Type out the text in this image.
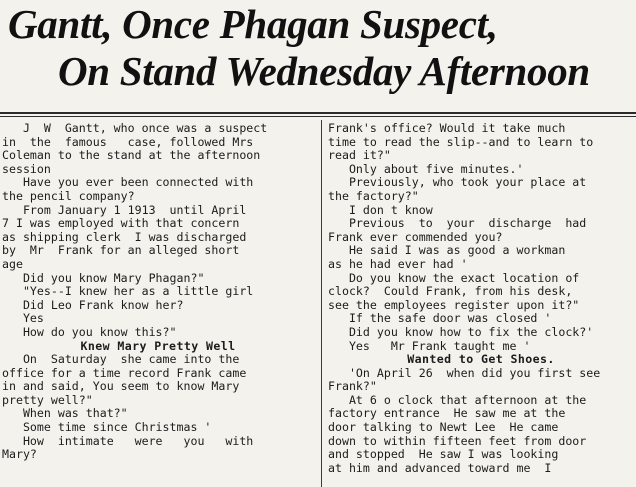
Gantt, Once Phagan Suspect,
On Stand Wednesday Afternoon
J  W  Gantt, who once was a suspect
in  the  famous   case, followed Mrs
Coleman to the stand at the afternoon
session
Have you ever been connected with
the pencil company?
From January 1 1913  until April
7 I was employed with that concern
as shipping clerk  I was discharged
by  Mr  Frank for an alleged short
age
Did you know Mary Phagan?"
"Yes--I knew her as a little girl
Did Leo Frank know her?
Yes
How do you know this?"
Knew Mary Pretty Well
On  Saturday  she came into the
office for a time record Frank came
in and said, You seem to know Mary
pretty well?"
When was that?"
Some time since Christmas '
How  intimate   were   you   with
Mary?
Frank's office? Would it take much
time to read the slip--and to learn to
read it?"
Only about five minutes.'
Previously, who took your place at
the factory?"
I don t know
Previous  to  your  discharge  had
Frank ever commended you?
He said I was as good a workman
as he had ever had '
Do you know the exact location of
clock?  Could Frank, from his desk,
see the employees register upon it?"
If the safe door was closed '
Did you know how to fix the clock?'
Yes   Mr Frank taught me '
Wanted to Get Shoes.
'On April 26  when did you first see
Frank?"
At 6 o clock that afternoon at the
factory entrance  He saw me at the
door talking to Newt Lee  He came
down to within fifteen feet from door
and stopped  He saw I was looking
at him and advanced toward me  I
